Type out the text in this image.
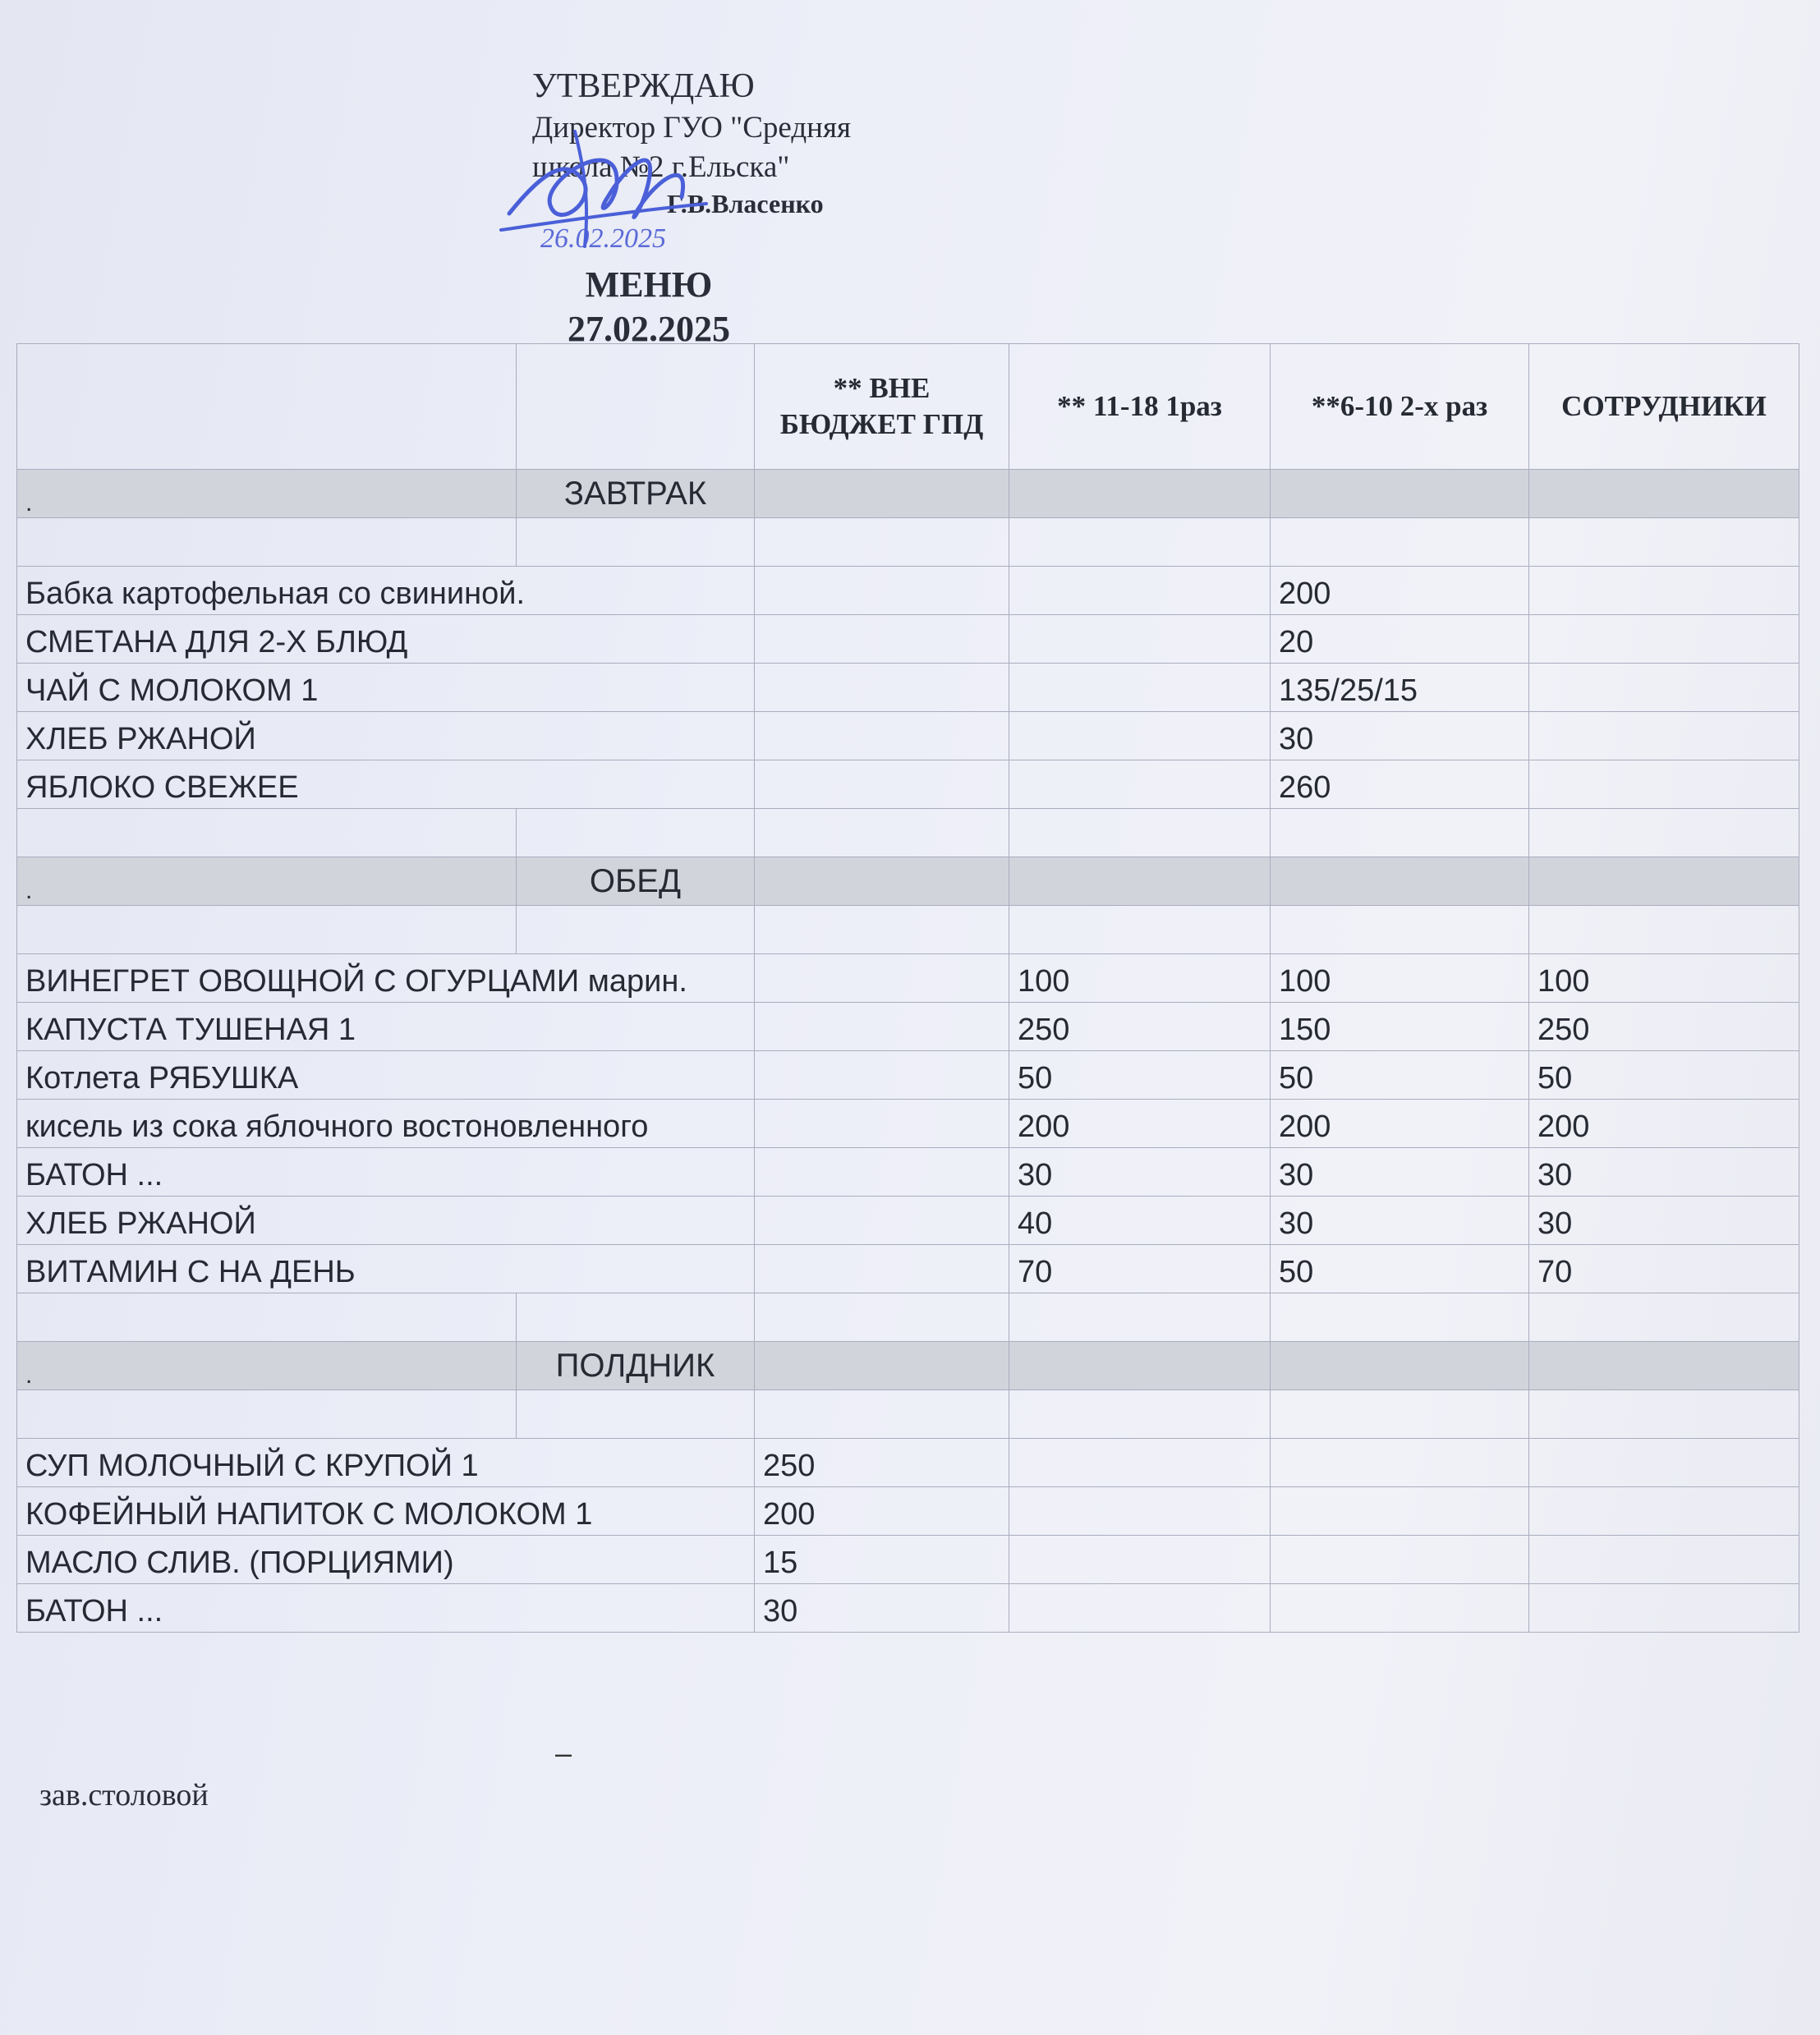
УТВЕРЖДАЮ
Директор ГУО "Средняя
школа №2 г.Ельска"
Г.В.Власенко
26.02.2025
МЕНЮ
27.02.2025
		** ВНЕ БЮДЖЕТ ГПД	** 11-18 1раз	**6-10 2-х раз	СОТРУДНИКИ
.	ЗАВТРАК				

Бабка картофельная со свининой.				200	
СМЕТАНА ДЛЯ 2-Х БЛЮД				20	
ЧАЙ С МОЛОКОМ 1				135/25/15	
ХЛЕБ РЖАНОЙ				30	
ЯБЛОКО СВЕЖЕЕ				260	

.	ОБЕД				

ВИНЕГРЕТ ОВОЩНОЙ С ОГУРЦАМИ марин.			100	100	100
КАПУСТА ТУШЕНАЯ 1			250	150	250
Котлета РЯБУШКА			50	50	50
кисель из сока яблочного востоновленного			200	200	200
БАТОН ...			30	30	30
ХЛЕБ РЖАНОЙ			40	30	30
ВИТАМИН С НА ДЕНЬ			70	50	70

.	ПОЛДНИК				

СУП МОЛОЧНЫЙ С КРУПОЙ 1		250			
КОФЕЙНЫЙ НАПИТОК С МОЛОКОМ 1		200			
МАСЛО СЛИВ. (ПОРЦИЯМИ)		15			
БАТОН ...		30			
–
зав.столовой
